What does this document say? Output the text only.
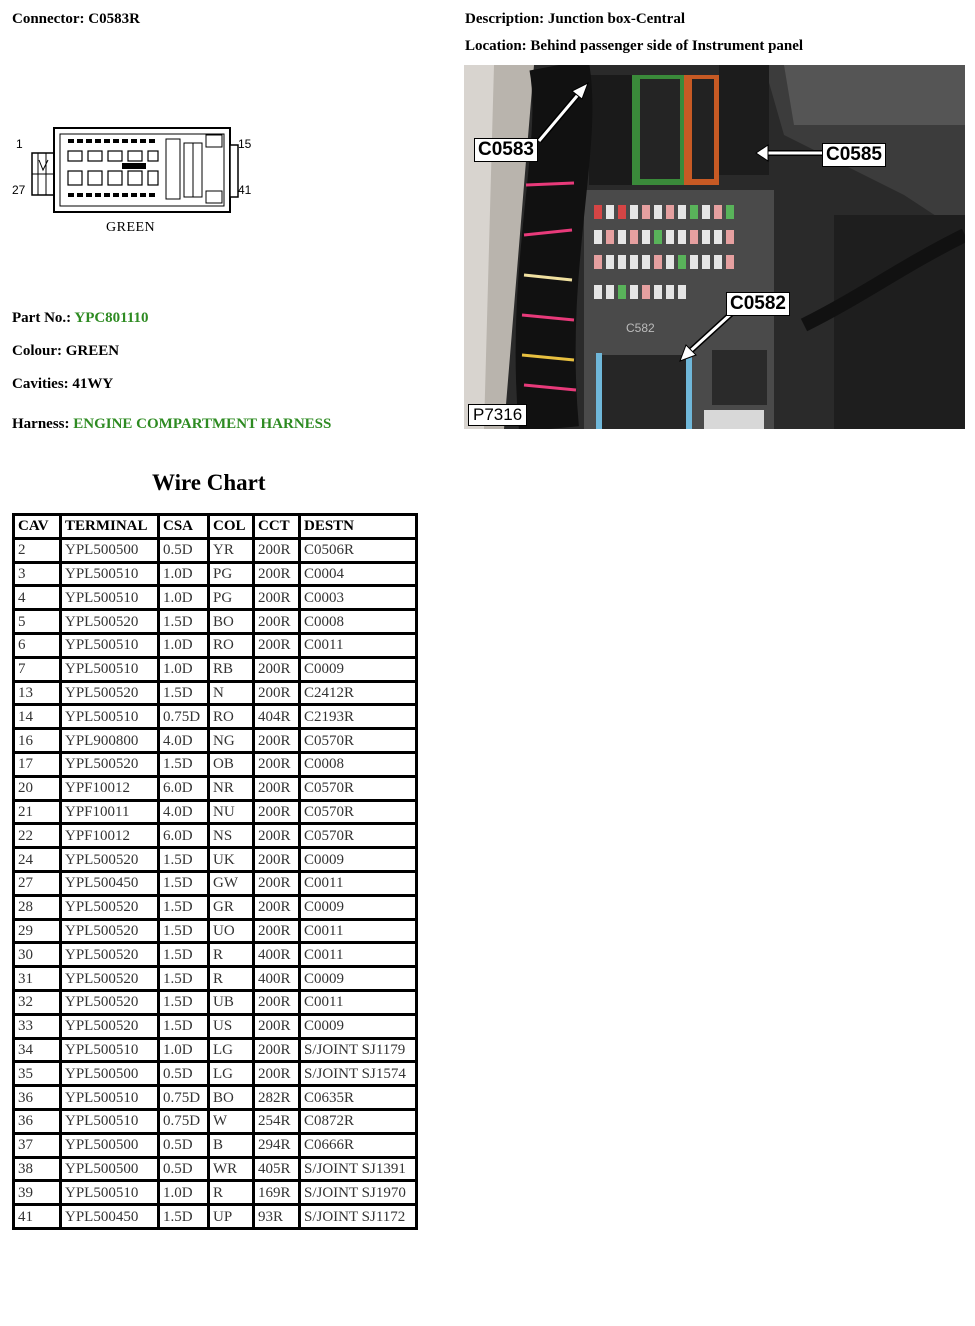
Connector: C0583R	Description: Junction box-Central
Location: Behind passenger side of Instrument panel
1	15
27	41
GREEN
Part No.: YPC801110
Colour: GREEN
Cavities: 41WY
Harness: ENGINE COMPARTMENT HARNESS
C582
C0583	C0585
C0582
P7316
Wire Chart
CAV	TERMINAL	CSA	COL	CCT	DESTN
2	YPL500500	0.5D	YR	200R	C0506R
3	YPL500510	1.0D	PG	200R	C0004
4	YPL500510	1.0D	PG	200R	C0003
5	YPL500520	1.5D	BO	200R	C0008
6	YPL500510	1.0D	RO	200R	C0011
7	YPL500510	1.0D	RB	200R	C0009
13	YPL500520	1.5D	N	200R	C2412R
14	YPL500510	0.75D	RO	404R	C2193R
16	YPL900800	4.0D	NG	200R	C0570R
17	YPL500520	1.5D	OB	200R	C0008
20	YPF10012	6.0D	NR	200R	C0570R
21	YPF10011	4.0D	NU	200R	C0570R
22	YPF10012	6.0D	NS	200R	C0570R
24	YPL500520	1.5D	UK	200R	C0009
27	YPL500450	1.5D	GW	200R	C0011
28	YPL500520	1.5D	GR	200R	C0009
29	YPL500520	1.5D	UO	200R	C0011
30	YPL500520	1.5D	R	400R	C0011
31	YPL500520	1.5D	R	400R	C0009
32	YPL500520	1.5D	UB	200R	C0011
33	YPL500520	1.5D	US	200R	C0009
34	YPL500510	1.0D	LG	200R	S/JOINT SJ1179
35	YPL500500	0.5D	LG	200R	S/JOINT SJ1574
36	YPL500510	0.75D	BO	282R	C0635R
36	YPL500510	0.75D	W	254R	C0872R
37	YPL500500	0.5D	B	294R	C0666R
38	YPL500500	0.5D	WR	405R	S/JOINT SJ1391
39	YPL500510	1.0D	R	169R	S/JOINT SJ1970
41	YPL500450	1.5D	UP	93R	S/JOINT SJ1172
